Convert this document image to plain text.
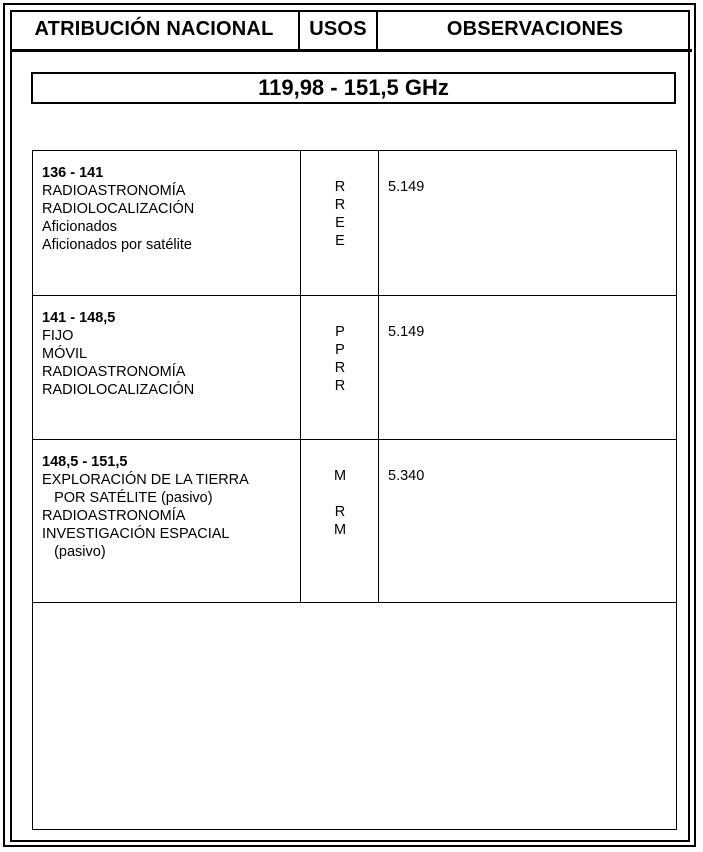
ATRIBUCIÓN NACIONAL	USOS	OBSERVACIONES
119,98 - 151,5 GHz
136 - 141
RADIOASTRONOMÍA
RADIOLOCALIZACIÓN
Aficionados
Aficionados por satélite
R
R
E
E
5.149
141 - 148,5
FIJO
MÓVIL
RADIOASTRONOMÍA
RADIOLOCALIZACIÓN
P
P
R
R
5.149
148,5 - 151,5
EXPLORACIÓN DE LA TIERRA
POR SATÉLITE (pasivo)
RADIOASTRONOMÍA
INVESTIGACIÓN ESPACIAL
(pasivo)
M
R
M
5.340
